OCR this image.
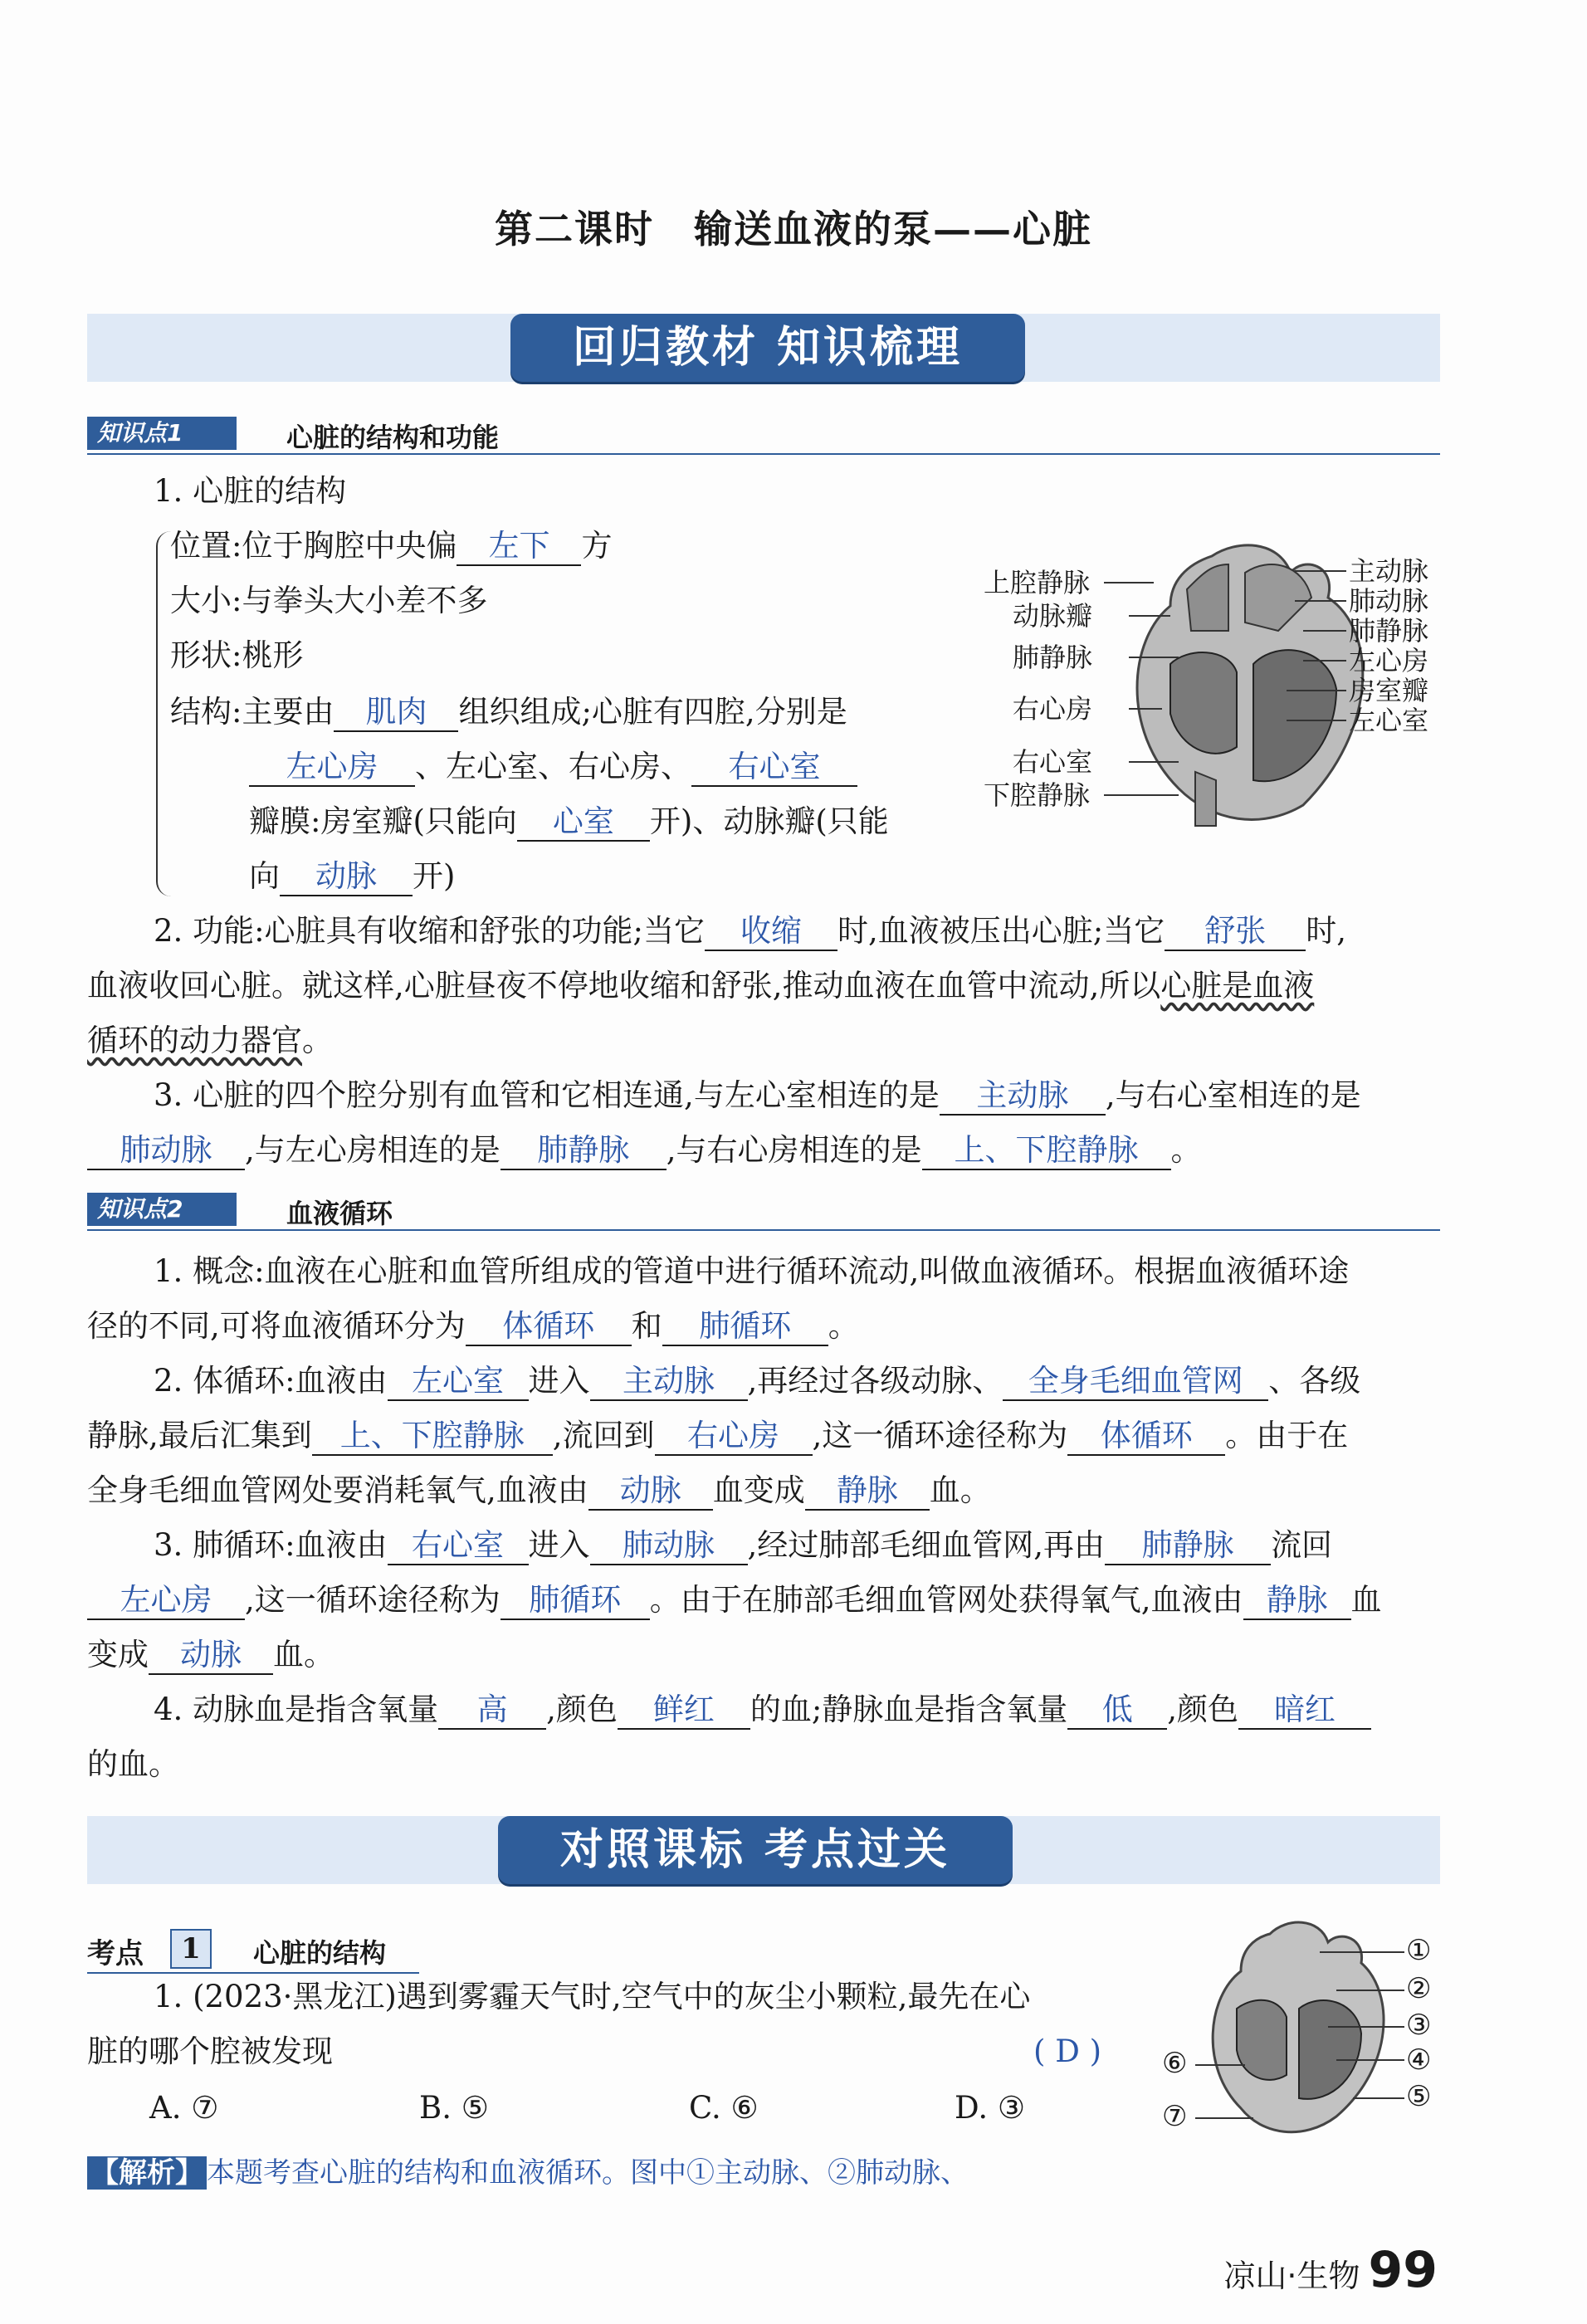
第二课时　输送血液的泵——心脏
回归教材 知识梳理
知识点1	心脏的结构和功能
1. 心脏的结构
位置:位于胸腔中央偏 左下 方
大小:与拳头大小差不多
形状:桃形
结构:主要由 肌肉 组织组成;心脏有四腔,分别是
左心房 、左心室、右心房、 右心室
瓣膜:房室瓣(只能向 心室 开)、动脉瓣(只能
向 动脉 开)
上腔静脉
动脉瓣
肺静脉
右心房
右心室
下腔静脉
主动脉
肺动脉
肺静脉
左心房
房室瓣
左心室
2. 功能:心脏具有收缩和舒张的功能;当它 收缩 时,血液被压出心脏;当它 舒张 时,
血液收回心脏。就这样,心脏昼夜不停地收缩和舒张,推动血液在血管中流动,所以心脏是血液
循环的动力器官。
3. 心脏的四个腔分别有血管和它相连通,与左心室相连的是 主动脉 ,与右心室相连的是
肺动脉 ,与左心房相连的是 肺静脉 ,与右心房相连的是 上、下腔静脉 。
知识点2	血液循环
1. 概念:血液在心脏和血管所组成的管道中进行循环流动,叫做血液循环。根据血液循环途
径的不同,可将血液循环分为 体循环 和 肺循环 。
2. 体循环:血液由 左心室 进入 主动脉 ,再经过各级动脉、 全身毛细血管网 、各级
静脉,最后汇集到 上、下腔静脉 ,流回到 右心房 ,这一循环途径称为 体循环 。由于在
全身毛细血管网处要消耗氧气,血液由 动脉 血变成 静脉 血。
3. 肺循环:血液由 右心室 进入 肺动脉 ,经过肺部毛细血管网,再由 肺静脉 流回
左心房 ,这一循环途径称为 肺循环 。由于在肺部毛细血管网处获得氧气,血液由 静脉 血
变成 动脉 血。
4. 动脉血是指含氧量 高 ,颜色 鲜红 的血;静脉血是指含氧量 低 ,颜色 暗红
的血。
对照课标 考点过关
考点	1	心脏的结构
1. (2023·黑龙江)遇到雾霾天气时,空气中的灰尘小颗粒,最先在心
脏的哪个腔被发现	( D )
A. ⑦	B. ⑤	C. ⑥	D. ③
①
②
③
④
⑤
⑥
⑦
【解析】 本题考查心脏的结构和血液循环。图中①主动脉、②肺动脉、
凉山·生物 99
